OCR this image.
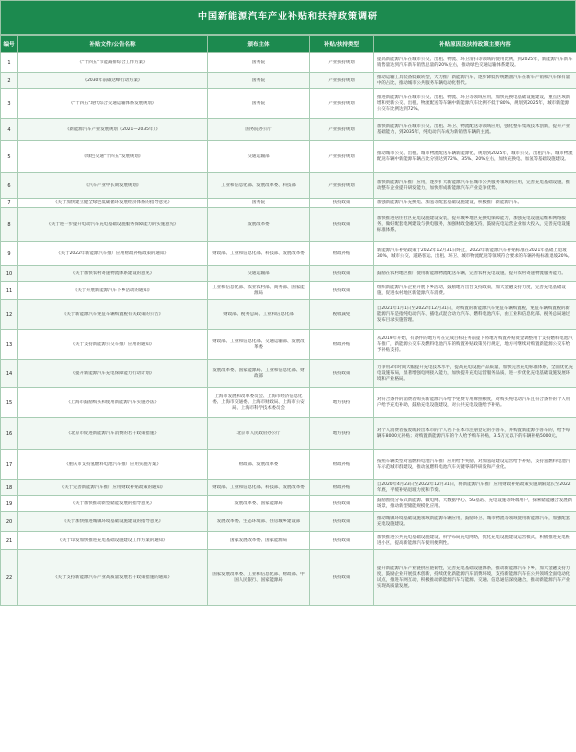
中国新能源汽车产业补贴和扶持政策调研
编号	补贴文件/公告名称	颁布主体	补贴/扶持类型	补贴原因及扶持政策主要内容

1	《"十四五"节能减排综合工作方案》	国务院	产业扶持规划	提高新能源汽车在城市公交、出租、物流、环卫清扫等领域的使用比例，到2025年，新能源汽车新车销售量达到汽车新车销售总量的20%左右，推动绿色交通运输体系建设。

2	《2030年前碳达峰行动方案》	国务院	产业扶持规划	推动运输工具装备低碳转型，大力推广新能源汽车，逐步降低传统燃油汽车在新车产销和汽车保有量中的占比，推动城市公共服务车辆电动化替代。

3	《"十四五"现代综合交通运输体系发展规划》	国务院	产业扶持规划	推进新能源汽车在城市公交、出租、物流、环卫等领域应用，加快充换电基础设施建设，重点区域新增和更新公交、出租、物流配送等车辆中新能源汽车比例不低于80%，规划到2025年，城市新能源公交车比例达到72%。

4	《新能源汽车产业发展规划（2021—2035年）》	国务院办公厅	产业扶持规划	加快新能源汽车在城市公交、出租、环卫、物流配送等领域应用，强化整车集成技术创新，提升产业基础能力，到2035年，纯电动汽车成为新销售车辆的主流。

5	《绿色交通"十四五"发展规划》	交通运输部	产业扶持规划	推动城市公交、出租、城市物流配送车辆新能源化，规划到2025年，城市公交、出租汽车、城市物流配送车辆中新能源车辆占比分别达到72%、35%、20%左右，加快充换电、加氢等基础设施建设。

6	《汽车产业中长期发展规划》	工业和信息化部、发展改革委、科技部	产业扶持规划	加快新能源汽车推广应用，逐步扩大新能源汽车在城市公共服务领域的应用，完善充电基础设施，推动整车企业提升研发能力，加快形成新能源汽车产业竞争优势。

7	《关于加快建立健全绿色低碳循环发展经济体系的指导意见》	国务院	扶持政策	加强新能源汽车充换电、加氢等配套基础设施建设，积极推广新能源汽车。

8	《关于进一步提升电动汽车充电基础设施服务保障能力的实施意见》	发展改革委	扶持政策	加快推进居住社区充电设施建设安装，提升城乡地区充换电保障能力，加强充电设施运维和网络服务，做好配套电网建设与供电服务，加强财政金融支持，鼓励充电运营企业加大投入，完善充电设施标准体系。

9	《关于2022年新能源汽车推广应用财政补贴政策的通知》	财政部、工业和信息化部、科技部、发展改革委	财政补贴	新能源汽车补贴政策于2022年12月31日终止，2022年新能源汽车补贴标准在2021年基础上退坡30%，城市公交、道路客运、出租、环卫、城市物流配送等领域符合要求的车辆补贴标准退坡20%。

10	《关于加快农村寄递物流体系建设的意见》	交通运输部	扶持政策	鼓励在农村地区推广使用新能源物流配送车辆，完善农村充电设施，提升农村寄递物流服务能力。

11	《关于开展新能源汽车下乡活动的通知》	工业和信息化部、农业农村部、商务部、国家能源局	扶持政策	组织新能源汽车企业开展下乡活动，鼓励地方出台支持政策，加大金融支持力度，完善充电基础设施，促进农村地区新能源汽车消费。

12	《关于新能源汽车免征车辆购置税有关政策的公告》	财政部、税务总局、工业和信息化部	税收减免	自2021年1月1日至2022年12月31日，对购置的新能源汽车免征车辆购置税，免征车辆购置税的新能源汽车是指纯电动汽车、插电式混合动力汽车、燃料电池汽车，由工业和信息化部、税务总局通过发布目录实施管理。

13	《关于支持新能源公交车推广应用的通知》	财政部、工业和信息化部、交通运输部、发展改革委	财政补贴	从2019年开始，有条件的地方可在完成目标任务前提下将地方购置补贴资金调整用于支持燃料电池汽车推广，新能源公交车及燃料电池汽车的购置补贴政策另行规定，地方可继续对购置新能源公交车给予补贴支持。

14	《提升新能源汽车充电保障能力行动计划》	发展改革委、国家能源局、工业和信息化部、财政部	扶持政策	力争用3年时间大幅提升充电技术水平，提高充电设施产品质量，加快完善充电标准体系，全面优化充电设施布局，显著增强电网接入能力，加快提升充电运营服务品质，进一步优化充电基础设施发展环境和产业格局。

15	《上海市鼓励购买和使用新能源汽车实施办法》	上海市发展和改革委员会、上海市经济信息化委、上海市交通委、上海市财政局、上海市公安局、上海市科学技术委员会	地方扶持	对符合条件的消费者购买新能源汽车给予免费专用牌照额度，对购买纯电动汽车且符合条件的个人用户给予充电补助，鼓励充电设施建设，对公共充电设施给予补贴。

16	《北京市促进新能源汽车消费的若干政策措施》	北京市人民政府办公厅	地方扶持	对个人消费者报废或转出本市的个人名下在本市注册登记的小客车，并购置新能源小客车的，给予每辆车8000元补贴；对购置新能源汽车的个人给予购车补贴，3.5万元以下的车辆补贴5000元。

17	《重庆市支持氢燃料电池汽车推广应用实施方案》	财政部、发展改革委	财政补贴	按照车辆类型对氢燃料电池汽车推广应用给予奖励，对加氢站建设运营给予补贴，支持氢燃料电池汽车示范城市群建设，推动氢燃料电池汽车关键零部件研发和产业化。

18	《关于完善新能源汽车推广应用财政补贴政策的通知》	财政部、工业和信息化部、科技部、发展改革委	财政补贴	自2020年4月23日至2022年12月31日，将新能源汽车推广应用财政补贴政策实施期限延长至2022年底，平缓补贴退坡力度和节奏。

19	《关于加快推动新型储能发展的指导意见》	发展改革委、国家能源局	扶持政策	鼓励围绕分布式新能源、微电网、大数据中心、5G基站、充电设施等终端用户，探索储能融合发展新场景，推动新型储能规模化应用。

20	《关于加快推进城镇环境基础设施建设的指导意见》	发展改革委、生态环境部、住房城乡建设部	扶持政策	推动城镇环境基础设施领域新能源车辆应用，鼓励环卫、城市物流等领域使用新能源汽车，加强配套充电设施建设。

21	《关于印发加快推进充电基础设施建设工作方案的通知》	国家发展改革委、国家能源局	扶持政策	加快推进公共充电基础设施建设，科学布局充电网络，优化充电设施建设运营模式，积极推进充电桩进小区，提高新能源汽车使用便利性。

22	《关于支持新能源汽车产业高质量发展若干政策措施的通知》	国家发展改革委、工业和信息化部、财政部、中国人民银行、国家能源局	扶持政策	提升新能源汽车产业链供应链韧性，完善充电基础设施体系，推动新能源汽车下乡，加大金融支持力度，鼓励企业开展技术创新，持续优化新能源汽车消费环境，支持新能源汽车在公共领域全面电动化试点，推进车网互动，积极推动新能源汽车与能源、交通、信息通信深度融合，推动新能源汽车产业实现高质量发展。
